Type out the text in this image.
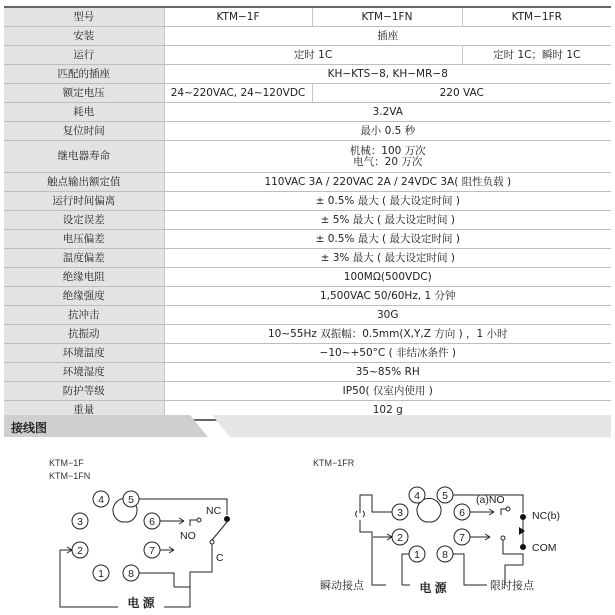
型号	KTM−1F	KTM−1FN	KTM−1FR
安装	插座		
运行	定时 1C		定时 1C；瞬时 1C
匹配的插座	KH−KTS−8, KH−MR−8		
额定电压	24~220VAC, 24~120VDC	220 VAC	
耗电	3.2VA		
复位时间	最小 0.5 秒		
继电器寿命	机械：100 万次
电气：20 万次		

触点输出额定值	110VAC 3A / 220VAC 2A / 24VDC 3A( 阻性负载 )		
运行时间偏离	± 0.5% 最大 ( 最大设定时间 )		
设定误差	± 5% 最大 ( 最大设定时间 )		
电压偏差	± 0.5% 最大 ( 最大设定时间 )		
温度偏差	± 3% 最大 ( 最大设定时间 )		
绝缘电阻	100MΩ(500VDC)		
绝缘强度	1,500VAC 50/60Hz, 1 分钟		
抗冲击	30G		
抗振动	10~55Hz 双振幅：0.5mm(X,Y,Z 方向 ) ，1 小时		
环境温度	−10~+50°C ( 非结冰条件 )		
环境湿度	35~85% RH		
防护等级	IP50( 仅室内使用 )		
重量	102 g		
接线图
KTM−1F
KTM−1FN
4 5
3	6
2	7
1 8
NC
NO
C
电 源
KTM−1FR
4 5
3	6
2	7
1 8
(a)NO
NC(b)
COM
瞬动接点	电 源	限时接点
